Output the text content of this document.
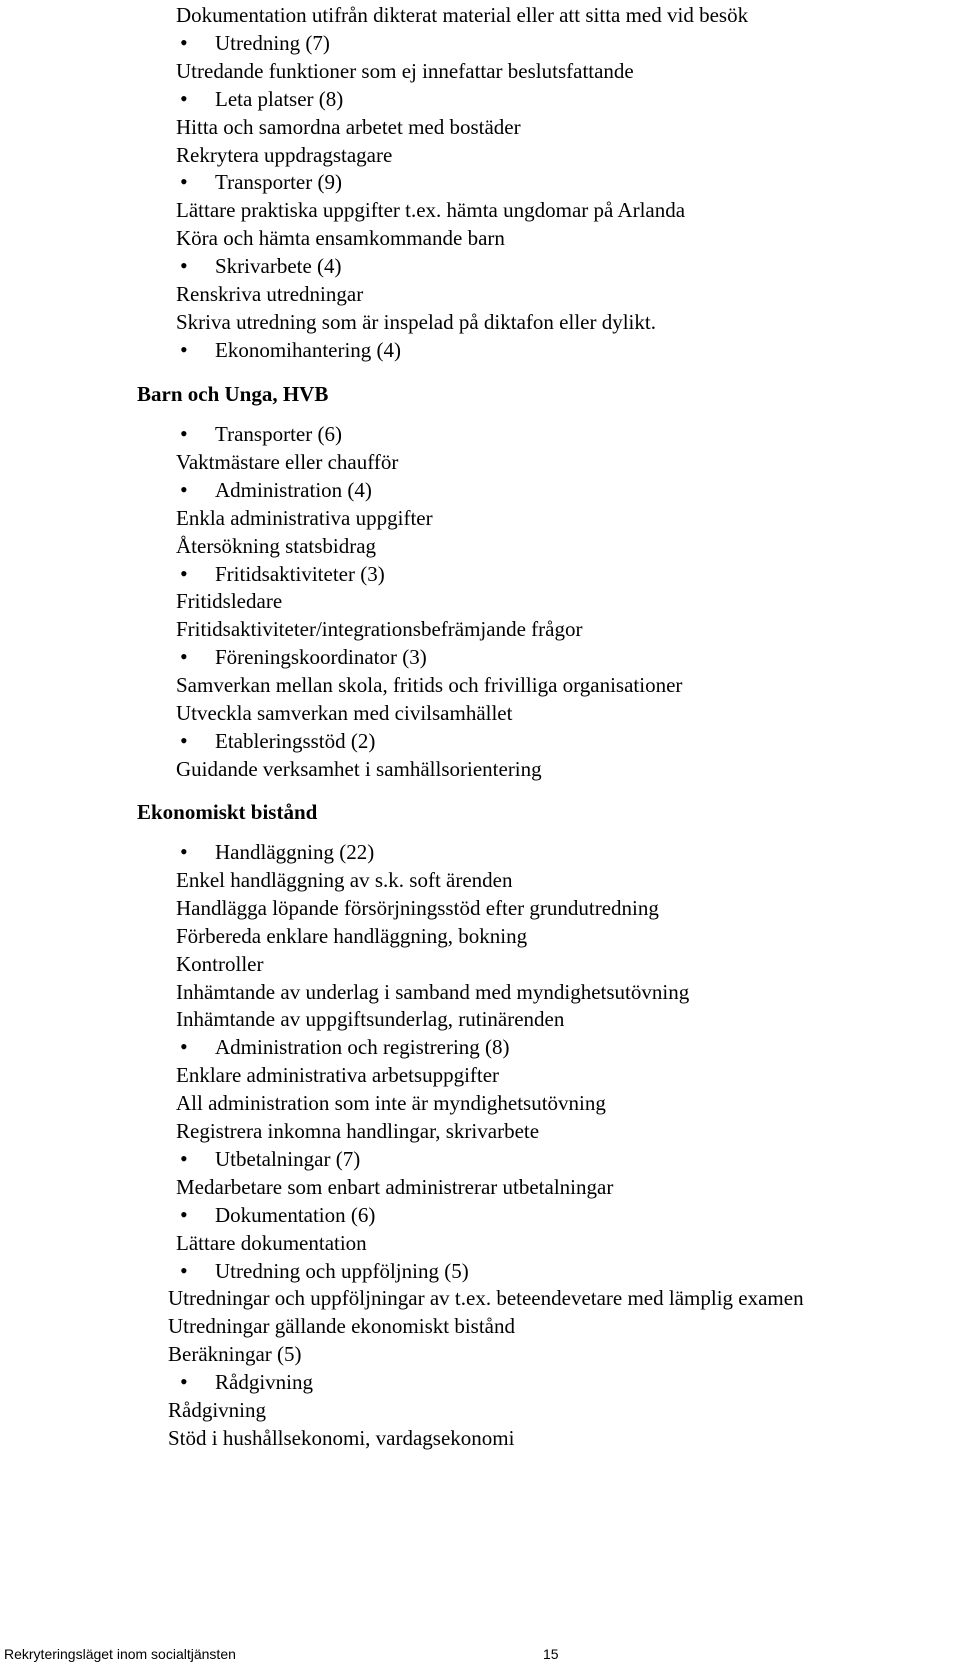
Dokumentation utifrån dikterat material eller att sitta med vid besök
• Utredning (7)
Utredande funktioner som ej innefattar beslutsfattande
• Leta platser (8)
Hitta och samordna arbetet med bostäder
Rekrytera uppdragstagare
• Transporter (9)
Lättare praktiska uppgifter t.ex. hämta ungdomar på Arlanda
Köra och hämta ensamkommande barn
• Skrivarbete (4)
Renskriva utredningar
Skriva utredning som är inspelad på diktafon eller dylikt.
• Ekonomihantering (4)
Barn och Unga, HVB
• Transporter (6)
Vaktmästare eller chaufför
• Administration (4)
Enkla administrativa uppgifter
Återsökning statsbidrag
• Fritidsaktiviteter (3)
Fritidsledare
Fritidsaktiviteter/integrationsbefrämjande frågor
• Föreningskoordinator (3)
Samverkan mellan skola, fritids och frivilliga organisationer
Utveckla samverkan med civilsamhället
• Etableringsstöd (2)
Guidande verksamhet i samhällsorientering
Ekonomiskt bistånd
• Handläggning (22)
Enkel handläggning av s.k. soft ärenden
Handlägga löpande försörjningsstöd efter grundutredning
Förbereda enklare handläggning, bokning
Kontroller
Inhämtande av underlag i samband med myndighetsutövning
Inhämtande av uppgiftsunderlag, rutinärenden
• Administration och registrering (8)
Enklare administrativa arbetsuppgifter
All administration som inte är myndighetsutövning
Registrera inkomna handlingar, skrivarbete
• Utbetalningar (7)
Medarbetare som enbart administrerar utbetalningar
• Dokumentation (6)
Lättare dokumentation
• Utredning och uppföljning (5)
Utredningar och uppföljningar av t.ex. beteendevetare med lämplig examen
Utredningar gällande ekonomiskt bistånd
Beräkningar (5)
• Rådgivning
Rådgivning
Stöd i hushållsekonomi, vardagsekonomi
Rekryteringsläget inom socialtjänsten	15
